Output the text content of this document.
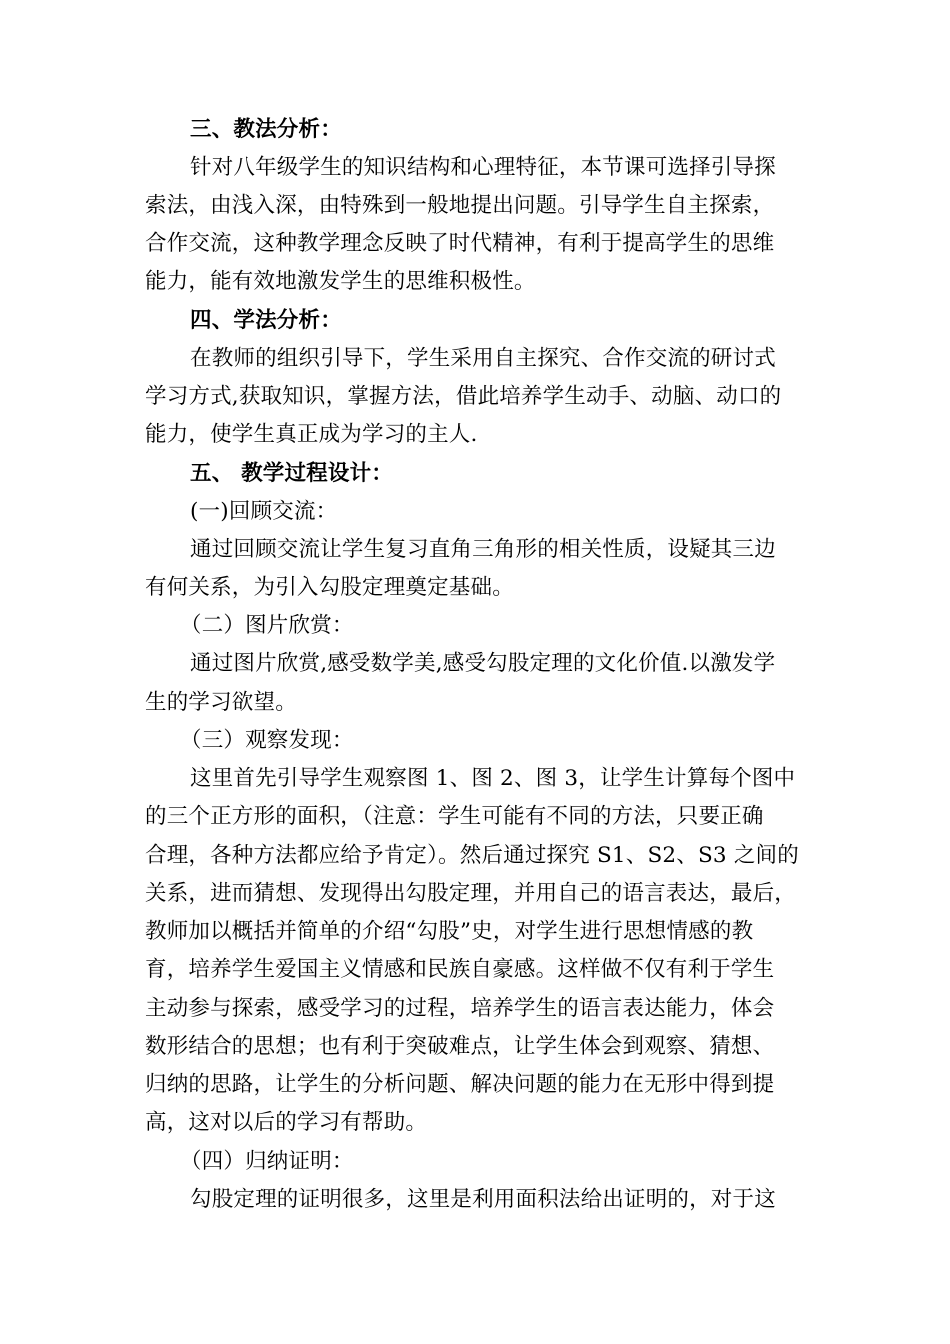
三、教法分析：
针对八年级学生的知识结构和心理特征，本节课可选择引导探
索法，由浅入深，由特殊到一般地提出问题。引导学生自主探索，
合作交流，这种教学理念反映了时代精神，有利于提高学生的思维
能力，能有效地激发学生的思维积极性。
四、学法分析：
在教师的组织引导下，学生采用自主探究、合作交流的研讨式
学习方式,获取知识，掌握方法，借此培养学生动手、动脑、动口的
能力，使学生真正成为学习的主人.
五、 教学过程设计：
(一)回顾交流：
通过回顾交流让学生复习直角三角形的相关性质，设疑其三边
有何关系，为引入勾股定理奠定基础。
（二）图片欣赏：
通过图片欣赏,感受数学美,感受勾股定理的文化价值.以激发学
生的学习欲望。
（三）观察发现：
这里首先引导学生观察图 1、图 2、图 3，让学生计算每个图中
的三个正方形的面积，（注意：学生可能有不同的方法，只要正确
合理，各种方法都应给予肯定）。然后通过探究 S1、S2、S3 之间的
关系，进而猜想、发现得出勾股定理，并用自己的语言表达，最后，
教师加以概括并简单的介绍“勾股”史，对学生进行思想情感的教
育，培养学生爱国主义情感和民族自豪感。这样做不仅有利于学生
主动参与探索，感受学习的过程，培养学生的语言表达能力，体会
数形结合的思想；也有利于突破难点，让学生体会到观察、猜想、
归纳的思路，让学生的分析问题、解决问题的能力在无形中得到提
高，这对以后的学习有帮助。
（四）归纳证明：
勾股定理的证明很多，这里是利用面积法给出证明的，对于这
